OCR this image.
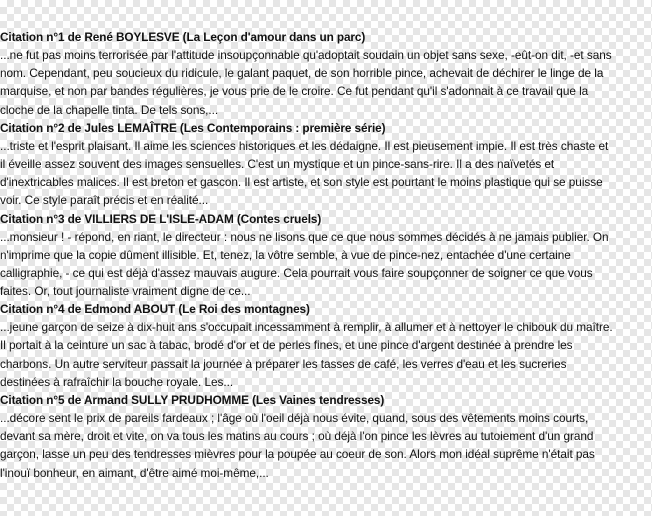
Citation n°1 de René BOYLESVE (La Leçon d'amour dans un parc)
...ne fut pas moins terrorisée par l'attitude insoupçonnable qu'adoptait soudain un objet sans sexe, -eût-on dit, -et sans
nom. Cependant, peu soucieux du ridicule, le galant paquet, de son horrible pince, achevait de déchirer le linge de la
marquise, et non par bandes régulières, je vous prie de le croire. Ce fut pendant qu'il s'adonnait à ce travail que la
cloche de la chapelle tinta. De tels sons,...
Citation n°2 de Jules LEMAÎTRE (Les Contemporains : première série)
...triste et l'esprit plaisant. Il aime les sciences historiques et les dédaigne. Il est pieusement impie. Il est très chaste et
il éveille assez souvent des images sensuelles. C'est un mystique et un pince-sans-rire. Il a des naïvetés et
d'inextricables malices. Il est breton et gascon. Il est artiste, et son style est pourtant le moins plastique qui se puisse
voir. Ce style paraît précis et en réalité...
Citation n°3 de VILLIERS DE L'ISLE-ADAM (Contes cruels)
...monsieur ! - répond, en riant, le directeur : nous ne lisons que ce que nous sommes décidés à ne jamais publier. On
n'imprime que la copie dûment illisible. Et, tenez, la vôtre semble, à vue de pince-nez, entachée d'une certaine
calligraphie, - ce qui est déjà d'assez mauvais augure. Cela pourrait vous faire soupçonner de soigner ce que vous
faites. Or, tout journaliste vraiment digne de ce...
Citation n°4 de Edmond ABOUT (Le Roi des montagnes)
...jeune garçon de seize à dix-huit ans s'occupait incessamment à remplir, à allumer et à nettoyer le chibouk du maître.
Il portait à la ceinture un sac à tabac, brodé d'or et de perles fines, et une pince d'argent destinée à prendre les
charbons. Un autre serviteur passait la journée à préparer les tasses de café, les verres d'eau et les sucreries
destinées à rafraîchir la bouche royale. Les...
Citation n°5 de Armand SULLY PRUDHOMME (Les Vaines tendresses)
...décore sent le prix de pareils fardeaux ; l'âge où l'oeil déjà nous évite, quand, sous des vêtements moins courts,
devant sa mère, droit et vite, on va tous les matins au cours ; où déjà l'on pince les lèvres au tutoiement d'un grand
garçon, lasse un peu des tendresses mièvres pour la poupée au coeur de son. Alors mon idéal suprême n'était pas
l'inouï bonheur, en aimant, d'être aimé moi-même,...
